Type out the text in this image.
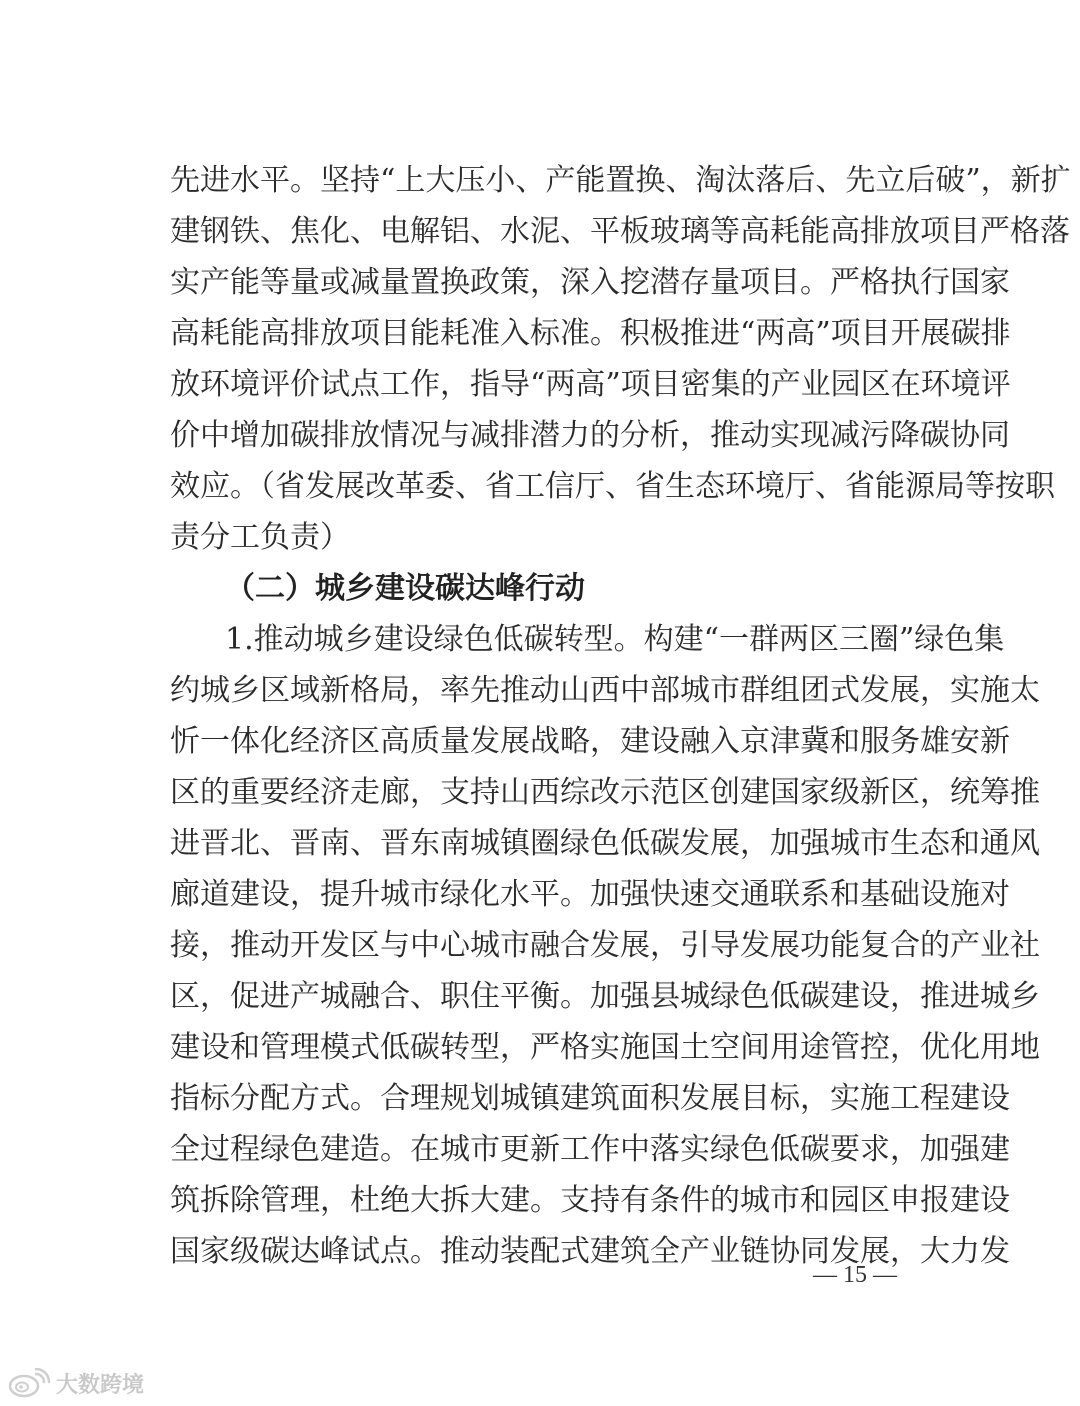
先进水平。坚持“上大压小、产能置换、淘汰落后、先立后破”，新扩
建钢铁、焦化、电解铝、水泥、平板玻璃等高耗能高排放项目严格落
实产能等量或减量置换政策，深入挖潜存量项目。严格执行国家
高耗能高排放项目能耗准入标准。积极推进“两高”项目开展碳排
放环境评价试点工作，指导“两高”项目密集的产业园区在环境评
价中增加碳排放情况与减排潜力的分析，推动实现减污降碳协同
效应。（省发展改革委、省工信厅、省生态环境厅、省能源局等按职
责分工负责）
（二）城乡建设碳达峰行动
1.推动城乡建设绿色低碳转型。构建“一群两区三圈”绿色集
约城乡区域新格局，率先推动山西中部城市群组团式发展，实施太
忻一体化经济区高质量发展战略，建设融入京津冀和服务雄安新
区的重要经济走廊，支持山西综改示范区创建国家级新区，统筹推
进晋北、晋南、晋东南城镇圈绿色低碳发展，加强城市生态和通风
廊道建设，提升城市绿化水平。加强快速交通联系和基础设施对
接，推动开发区与中心城市融合发展，引导发展功能复合的产业社
区，促进产城融合、职住平衡。加强县城绿色低碳建设，推进城乡
建设和管理模式低碳转型，严格实施国土空间用途管控，优化用地
指标分配方式。合理规划城镇建筑面积发展目标，实施工程建设
全过程绿色建造。在城市更新工作中落实绿色低碳要求，加强建
筑拆除管理，杜绝大拆大建。支持有条件的城市和园区申报建设
国家级碳达峰试点。推动装配式建筑全产业链协同发展，大力发
— 15 —
大数跨境
